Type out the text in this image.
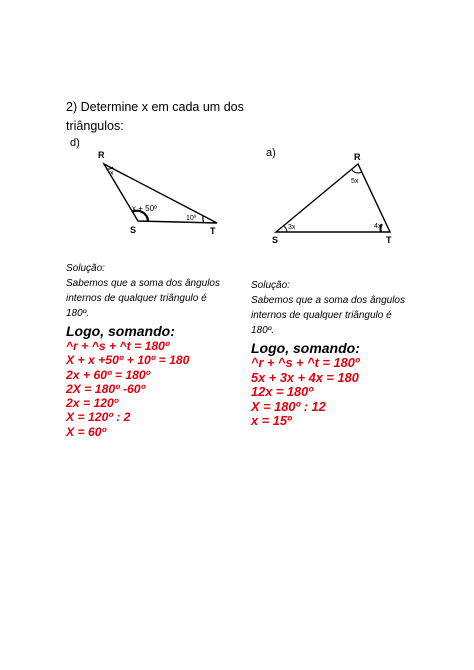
2) Determine x em cada um dos
triângulos:
d)
R
S	T
x
x + 50º
10º
a)	R
S	T
5x
3x	4x
Solução:
Sabemos que a soma dos ângulos
internos de qualquer triângulo é
180º.
Logo, somando:
^r + ^s + ^t = 180º
X + x +50º + 10º = 180
2x + 60º = 180º
2X = 180º -60º
2x = 120º
X = 120º : 2
X = 60º
Solução:
Sabemos que a soma dos ângulos
internos de qualquer triângulo é
180º.
Logo, somando:
^r + ^s + ^t = 180º
5x + 3x + 4x = 180
12x = 180º
X = 180º : 12
x = 15º
